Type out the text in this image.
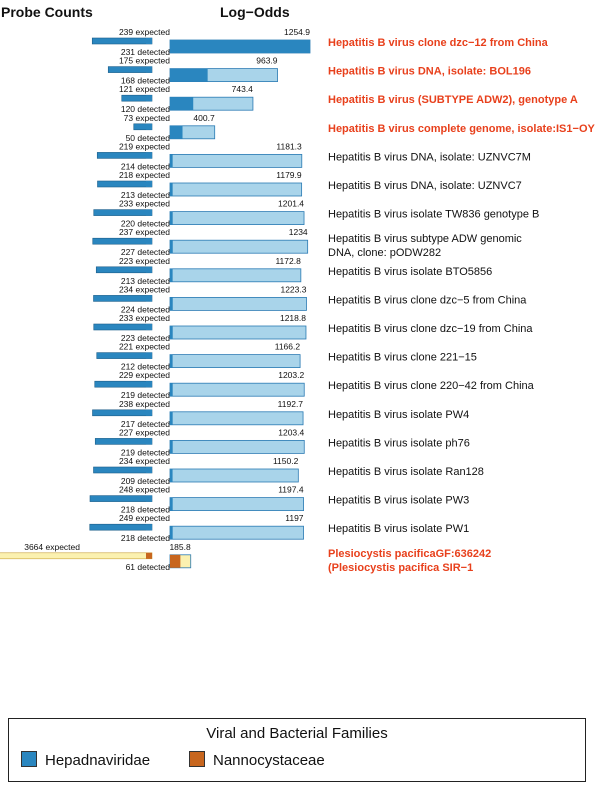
Probe Counts	Log−Odds
239 expected
231 detected
1254.9
Hepatitis B virus clone dzc−12 from China
175 expected
168 detected
963.9
Hepatitis B virus DNA, isolate: BOL196
121 expected
120 detected
743.4
Hepatitis B virus (SUBTYPE ADW2), genotype A
73 expected
50 detected
400.7
Hepatitis B virus complete genome, isolate:IS1−OY
219 expected
214 detected
1181.3
Hepatitis B virus DNA, isolate: UZNVC7M
218 expected
213 detected
1179.9
Hepatitis B virus DNA, isolate: UZNVC7
233 expected
220 detected
1201.4
Hepatitis B virus isolate TW836 genotype B
237 expected
227 detected
1234
Hepatitis B virus subtype ADW genomic
DNA, clone: pODW282
223 expected
213 detected
1172.8
Hepatitis B virus isolate BTO5856
234 expected
224 detected
1223.3
Hepatitis B virus clone dzc−5 from China
233 expected
223 detected
1218.8
Hepatitis B virus clone dzc−19 from China
221 expected
212 detected
1166.2
Hepatitis B virus clone 221−15
229 expected
219 detected
1203.2
Hepatitis B virus clone 220−42 from China
238 expected
217 detected
1192.7
Hepatitis B virus isolate PW4
227 expected
219 detected
1203.4
Hepatitis B virus isolate ph76
234 expected
209 detected
1150.2
Hepatitis B virus isolate Ran128
248 expected
218 detected
1197.4
Hepatitis B virus isolate PW3
249 expected
218 detected
1197
Hepatitis B virus isolate PW1
3664 expected
61 detected
185.8
Plesiocystis pacificaGF:636242
(Plesiocystis pacifica SIR−1
Viral and Bacterial Families
Hepadnaviridae	Nannocystaceae
